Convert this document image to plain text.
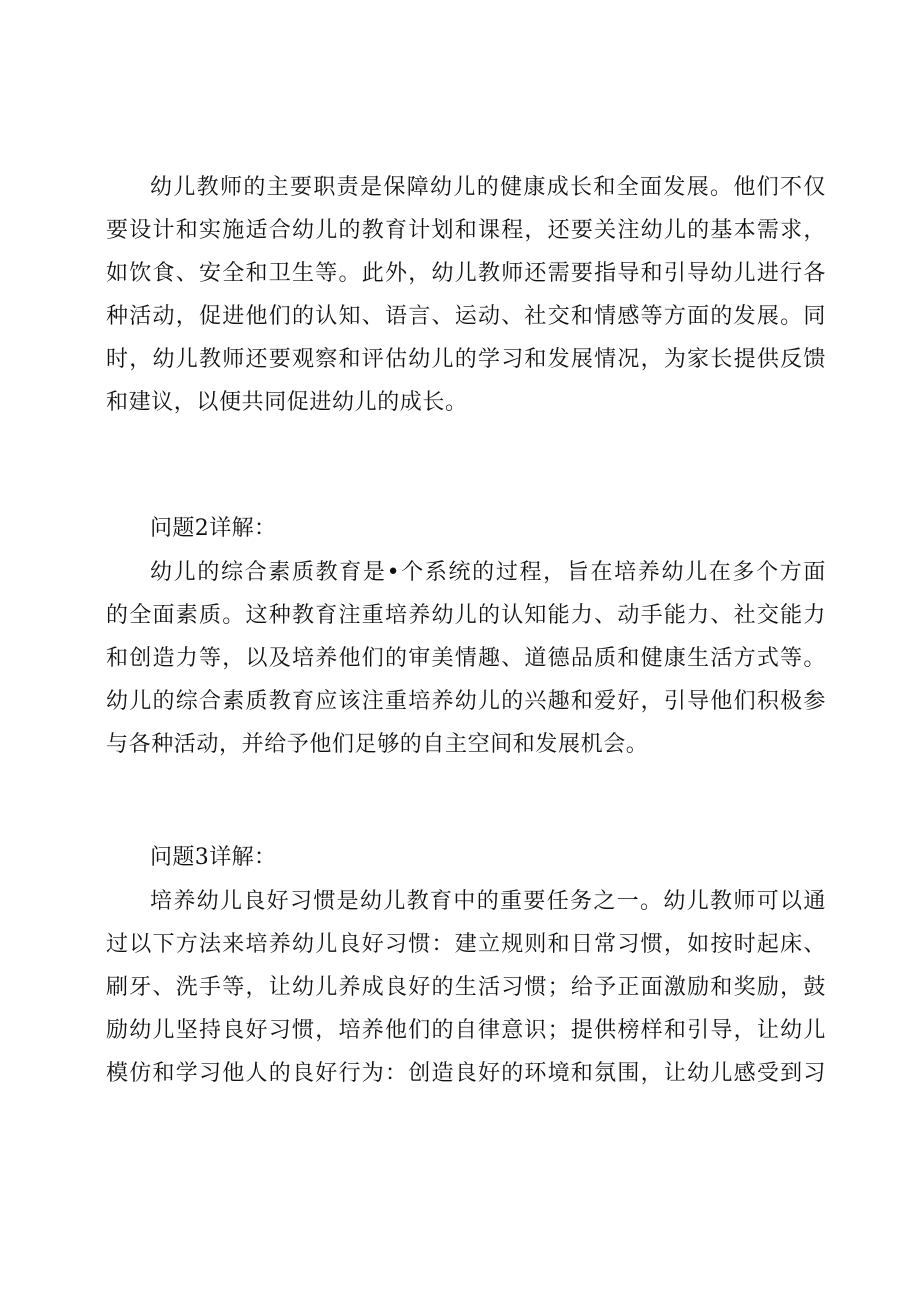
幼儿教师的主要职责是保障幼儿的健康成长和全面发展。他们不仅
要设计和实施适合幼儿的教育计划和课程，还要关注幼儿的基本需求，
如饮食、安全和卫生等。此外，幼儿教师还需要指导和引导幼儿进行各
种活动，促进他们的认知、语言、运动、社交和情感等方面的发展。同
时，幼儿教师还要观察和评估幼儿的学习和发展情况，为家长提供反馈
和建议，以便共同促进幼儿的成长。
问题2详解：
幼儿的综合素质教育是•个系统的过程，旨在培养幼儿在多个方面
的全面素质。这种教育注重培养幼儿的认知能力、动手能力、社交能力
和创造力等，以及培养他们的审美情趣、道德品质和健康生活方式等。
幼儿的综合素质教育应该注重培养幼儿的兴趣和爱好，引导他们积极参
与各种活动，并给予他们足够的自主空间和发展机会。
问题3详解：
培养幼儿良好习惯是幼儿教育中的重要任务之一。幼儿教师可以通
过以下方法来培养幼儿良好习惯：建立规则和日常习惯，如按时起床、
刷牙、洗手等，让幼儿养成良好的生活习惯；给予正面激励和奖励，鼓
励幼儿坚持良好习惯，培养他们的自律意识；提供榜样和引导，让幼儿
模仿和学习他人的良好行为：创造良好的环境和氛围，让幼儿感受到习
